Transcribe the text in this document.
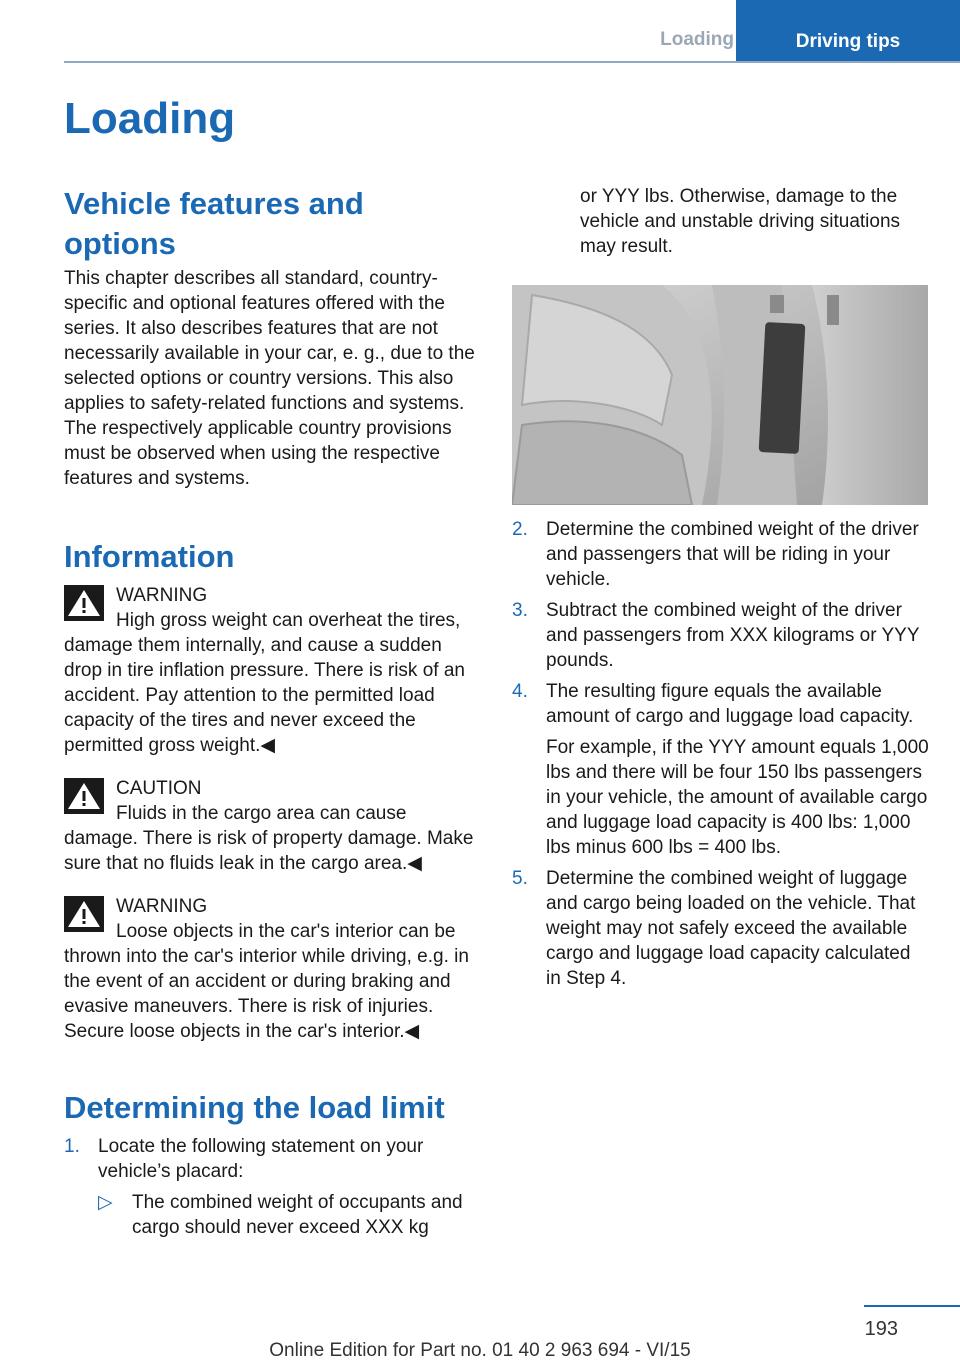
Loading	Driving tips
Loading
Vehicle features and options

This chapter describes all standard, country-specific and optional features offered with the series. It also describes features that are not necessarily available in your car, e. g., due to the selected options or country versions. This also applies to safety-related functions and systems. The respectively applicable country provisions must be observed when using the respective features and systems.

Information
WARNING

High gross weight can overheat the tires, damage them internally, and cause a sudden drop in tire inflation pressure. There is risk of an accident. Pay attention to the permitted load capacity of the tires and never exceed the permitted gross weight.◀

CAUTION

Fluids in the cargo area can cause damage. There is risk of property damage. Make sure that no fluids leak in the cargo area.◀

WARNING

Loose objects in the car's interior can be thrown into the car's interior while driving, e.g. in the event of an accident or during braking and evasive maneuvers. There is risk of injuries. Secure loose objects in the car's interior.◀

Determining the load limit
1. Locate the following statement on your vehicle’s placard:
▷ The combined weight of occupants and cargo should never exceed XXX kg

or YYY lbs. Otherwise, damage to the vehicle and unstable driving situations may result.

2. Determine the combined weight of the driver and passengers that will be riding in your vehicle.
3. Subtract the combined weight of the driver and passengers from XXX kilograms or YYY pounds.
4. The resulting figure equals the available amount of cargo and luggage load capacity.

For example, if the YYY amount equals 1,000 lbs and there will be four 150 lbs passengers in your vehicle, the amount of available cargo and luggage load capacity is 400 lbs: 1,000 lbs minus 600 lbs = 400 lbs.

5. Determine the combined weight of luggage and cargo being loaded on the vehicle. That weight may not safely exceed the available cargo and luggage load capacity calculated in Step 4.
193
Online Edition for Part no. 01 40 2 963 694 - VI/15
